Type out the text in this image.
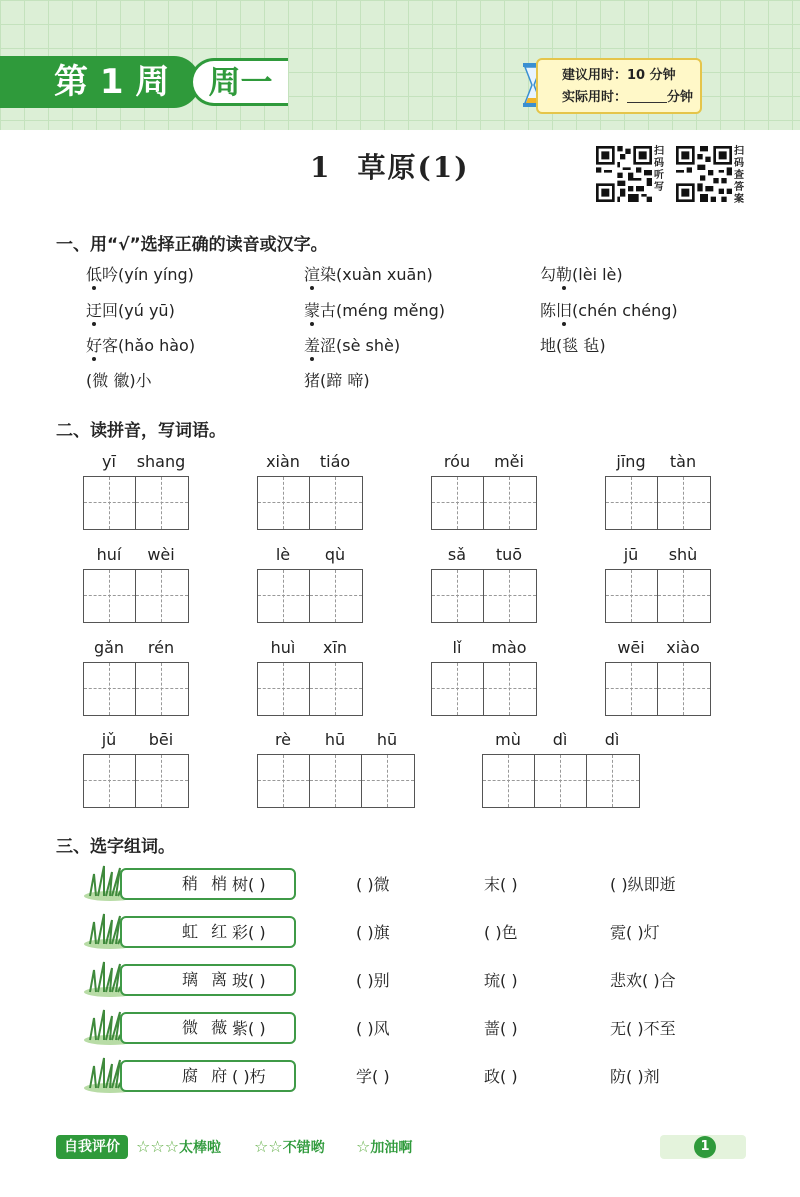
第 1 周	周一	建议用时：10 分钟
实际用时：	分钟
1 草原(1)	扫码听写
扫码查答案
一、用“√”选择正确的读音或汉字。
低吟(yín yíng)	渲染(xuàn xuān)	勾勒(lèi lè)
迂回(yú yū)	蒙古(méng měng)	陈旧(chén chéng)
好客(hǎo hào)	羞涩(sè shè)	地(毯 毡)
(微 徽)小	猪(蹄 啼)
二、读拼音，写词语。
yī	shang	xiàn	tiáo	róu	měi	jīng	tàn
huí	wèi	lè	qù	sǎ	tuō	jū	shù
gǎn	rén	huì	xīn	lǐ	mào	wēi	xiào
jǔ	bēi	rè	hū	hū	mù	dì	dì
三、选字组词。
稍 梢 树( )	( )微	末( )	( )纵即逝
虹 红 彩( )	( )旗	( )色	霓( )灯
璃 离 玻( )	( )别	琉( )	悲欢( )合
微 薇 紫( )	( )风	蔷( )	无( )不至
腐 府 ( )朽	学( )	政( )	防( )剂
自我评价	☆☆☆太棒啦 ☆☆不错哟 ☆加油啊	1
